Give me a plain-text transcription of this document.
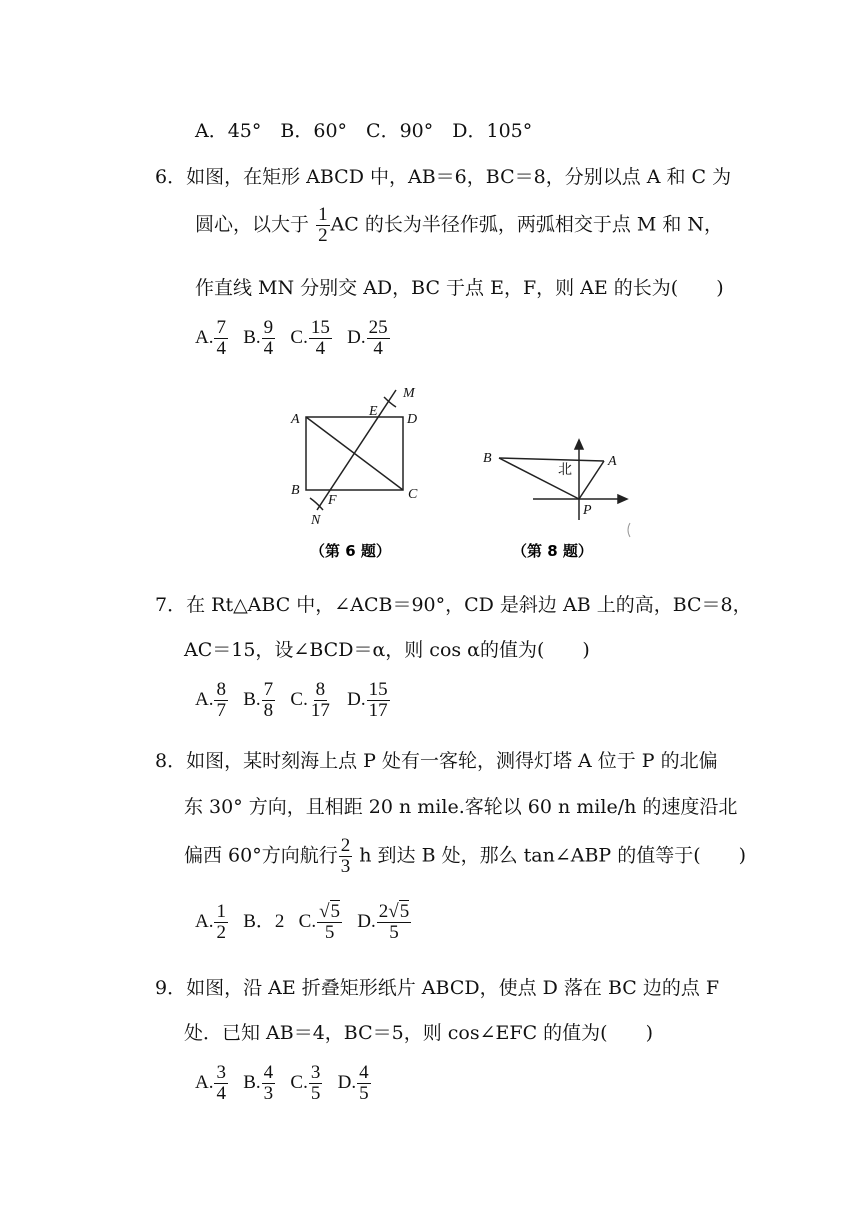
A．45°　B．60°　C．90°　D．105°
6．如图，在矩形 ABCD 中，AB＝6，BC＝8，分别以点 A 和 C 为
圆心，以大于 $\frac{1}{2}$ AC 的长为半径作弧，两弧相交于点 M 和 N，
作直线 MN 分别交 AD，BC 于点 E，F，则 AE 的长为(　　)
A. $\frac{7}{4} B$. $\frac{9}{4} C$. $\frac{15}{4} D$. $\frac{25}{4}$
A	D
E
M
B	C
F
N
B	A
P
北
（第 6 题）	（第 8 题）
7．在 Rt△ABC 中，∠ACB＝90°，CD 是斜边 AB 上的高，BC＝8，
AC＝15，设∠BCD＝α，则 cos α的值为(　　)
A. $\frac{8}{7} B$. $\frac{7}{8} C$. $\frac{8}{17} D$. $\frac{15}{17}$
8．如图，某时刻海上点 P 处有一客轮，测得灯塔 A 位于 P 的北偏
东 30° 方向，且相距 20 n mile.客轮以 60 n mile/h 的速度沿北
偏西 60°方向航行 $\frac{2}{3}$ h 到达 B 处，那么 tan∠ABP 的值等于(　　)
A. $\frac{1}{2}$ B．2 C. $\frac{√5}{5} D$. $\frac{2√5}{5}$
9．如图，沿 AE 折叠矩形纸片 ABCD，使点 D 落在 BC 边的点 F
处．已知 AB＝4，BC＝5，则 cos∠EFC 的值为(　　)
A. $\frac{3}{4} B$. $\frac{4}{3} C$. $\frac{3}{5} D$. $\frac{4}{5}$
